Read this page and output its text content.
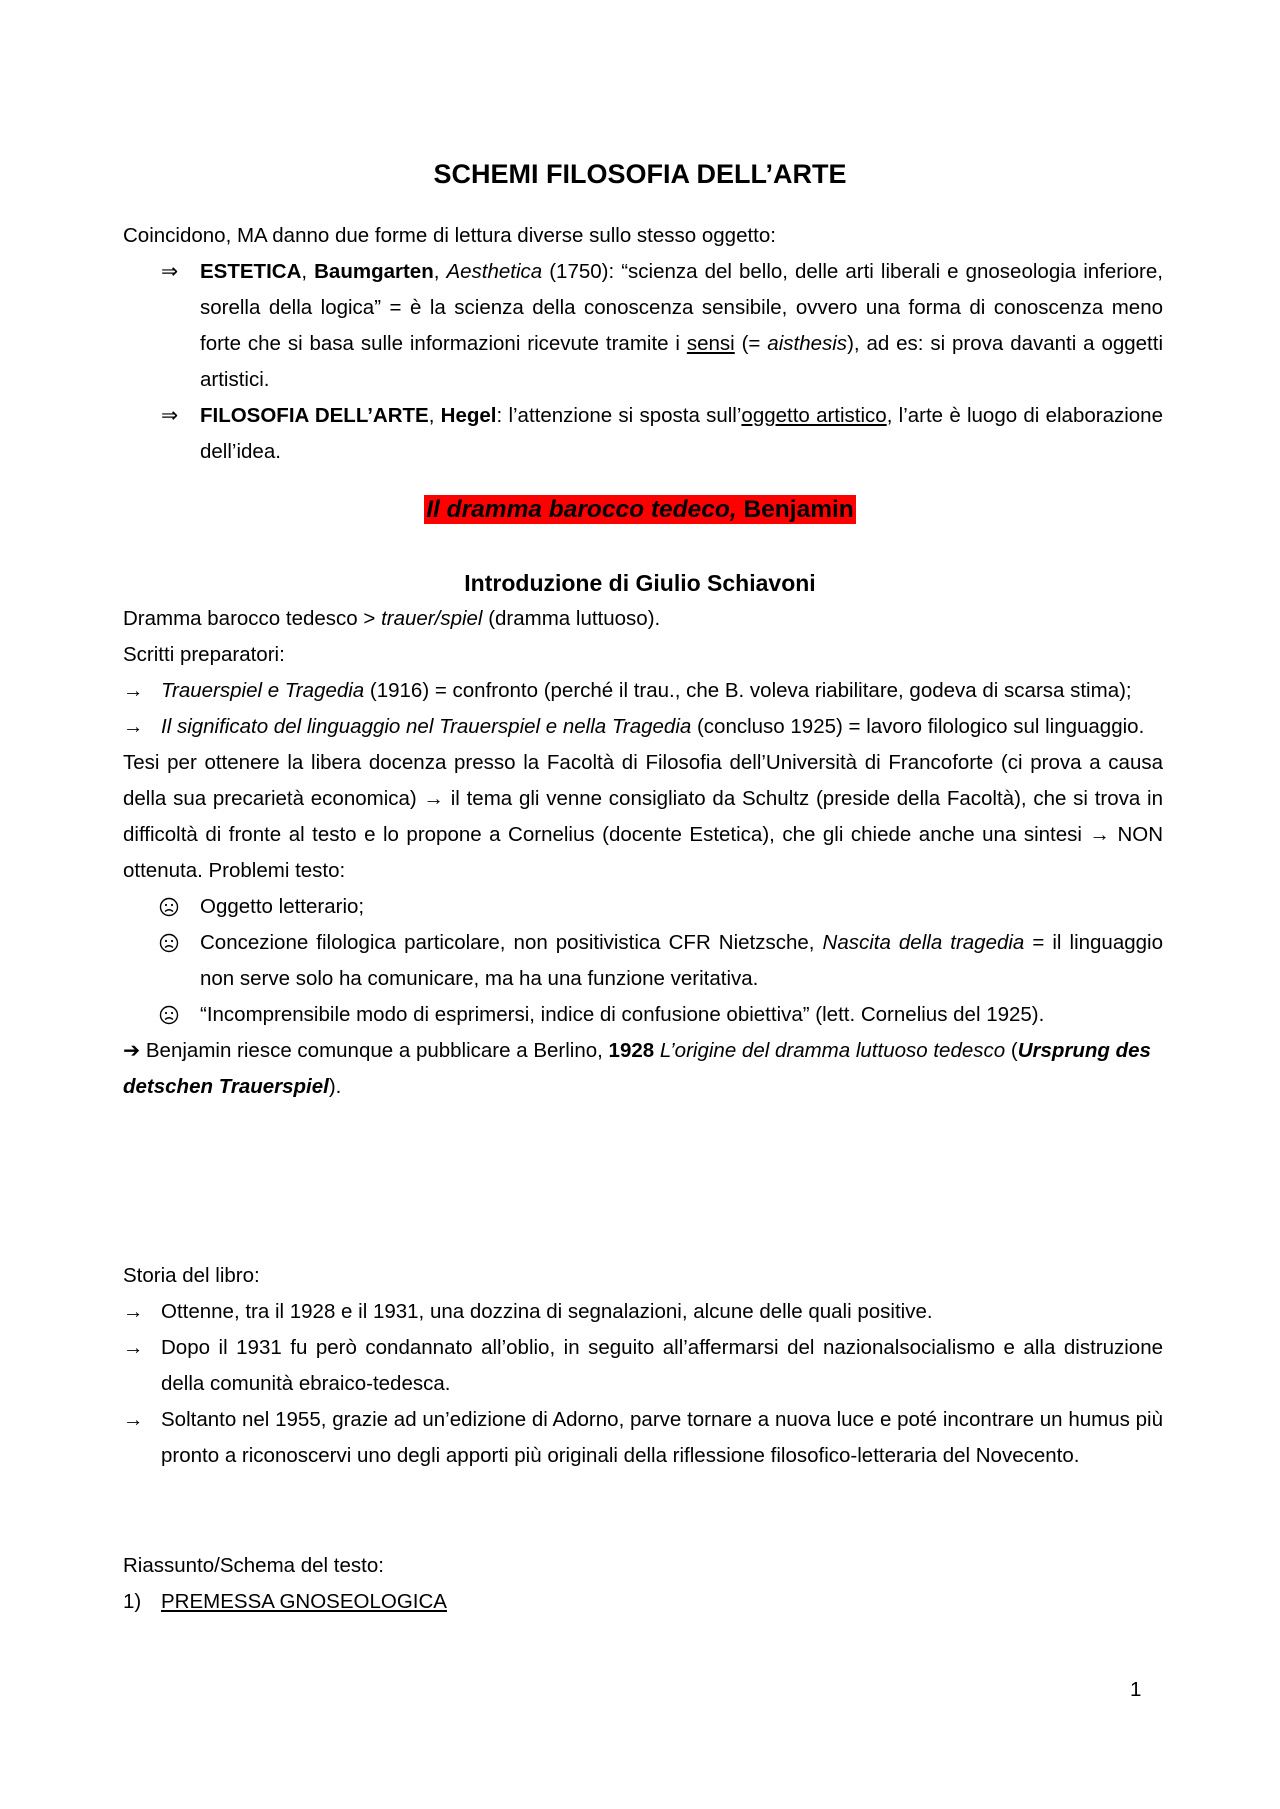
SCHEMI FILOSOFIA DELL’ARTE

Coincidono, MA danno due forme di lettura diverse sullo stesso oggetto:

⇒	ESTETICA, Baumgarten, Aesthetica (1750): “scienza del bello, delle arti liberali e gnoseologia inferiore, sorella della logica” = è la scienza della conoscenza sensibile, ovvero una forma di conoscenza meno forte che si basa sulle informazioni ricevute tramite i sensi (= aisthesis), ad es: si prova davanti a oggetti artistici.
⇒	FILOSOFIA DELL’ARTE, Hegel: l’attenzione si sposta sull’oggetto artistico, l’arte è luogo di elaborazione dell’idea.
Il dramma barocco tedeco, Benjamin
Introduzione di Giulio Schiavoni

Dramma barocco tedesco > trauer/spiel (dramma luttuoso).

Scritti preparatori:

→ Trauerspiel e Tragedia (1916) = confronto (perché il trau., che B. voleva riabilitare, godeva di scarsa stima);
→ Il significato del linguaggio nel Trauerspiel e nella Tragedia (concluso 1925) = lavoro filologico sul linguaggio.

Tesi per ottenere la libera docenza presso la Facoltà di Filosofia dell’Università di Francoforte (ci prova a causa della sua precarietà economica) → il tema gli venne consigliato da Schultz (preside della Facoltà), che si trova in difficoltà di fronte al testo e lo propone a Cornelius (docente Estetica), che gli chiede anche una sintesi → NON ottenuta. Problemi testo:

Oggetto letterario;
Concezione filologica particolare, non positivistica CFR Nietzsche, Nascita della tragedia = il linguaggio non serve solo ha comunicare, ma ha una funzione veritativa.
“Incomprensibile modo di esprimersi, indice di confusione obiettiva” (lett. Cornelius del 1925).

➔ Benjamin riesce comunque a pubblicare a Berlino, 1928 L’origine del dramma luttuoso tedesco (Ursprung des detschen Trauerspiel).

Storia del libro:

→ Ottenne, tra il 1928 e il 1931, una dozzina di segnalazioni, alcune delle quali positive.
→ Dopo il 1931 fu però condannato all’oblio, in seguito all’affermarsi del nazionalsocialismo e alla distruzione della comunità ebraico-tedesca.
→ Soltanto nel 1955, grazie ad un’edizione di Adorno, parve tornare a nuova luce e poté incontrare un humus più pronto a riconoscervi uno degli apporti più originali della riflessione filosofico-letteraria del Novecento.

Riassunto/Schema del testo:

1) PREMESSA GNOSEOLOGICA
1
